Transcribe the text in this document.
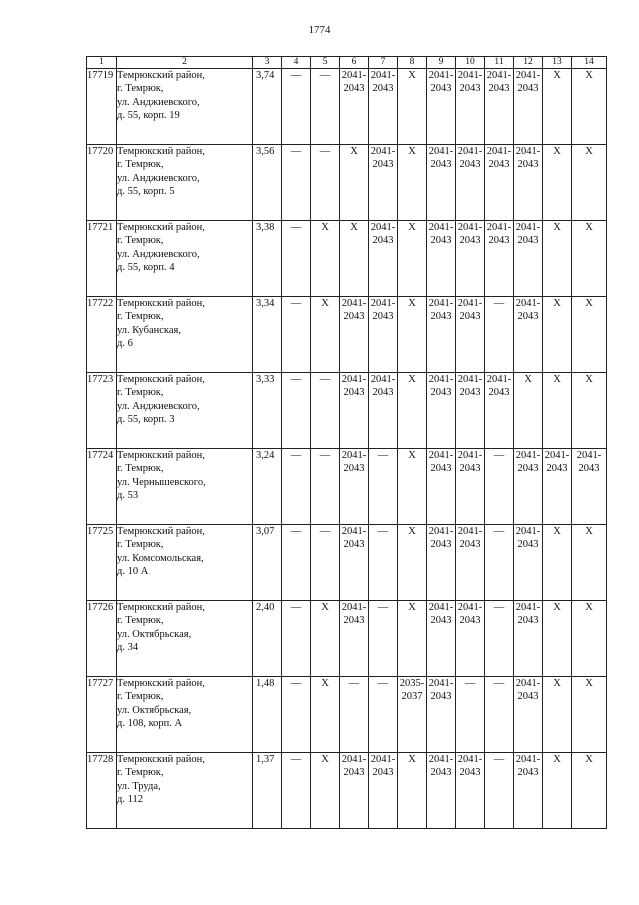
1774
1	2	3	4	5	6	7	8	9	10	11	12	13	14

17719	Темрюкский район,
г. Темрюк,
ул. Анджиевского,
д. 55, корп. 19	3,74	—	—	2041-
2043	2041-
2043	Х	2041-
2043	2041-
2043	2041-
2043	2041-
2043	Х	Х

17720	Темрюкский район,
г. Темрюк,
ул. Анджиевского,
д. 55, корп. 5	3,56	—	—	Х	2041-
2043	Х	2041-
2043	2041-
2043	2041-
2043	2041-
2043	Х	Х

17721	Темрюкский район,
г. Темрюк,
ул. Анджиевского,
д. 55, корп. 4	3,38	—	Х	Х	2041-
2043	Х	2041-
2043	2041-
2043	2041-
2043	2041-
2043	Х	Х

17722	Темрюкский район,
г. Темрюк,
ул. Кубанская,
д. 6	3,34	—	Х	2041-
2043	2041-
2043	Х	2041-
2043	2041-
2043	—	2041-
2043	Х	Х

17723	Темрюкский район,
г. Темрюк,
ул. Анджиевского,
д. 55, корп. 3	3,33	—	—	2041-
2043	2041-
2043	Х	2041-
2043	2041-
2043	2041-
2043	Х	Х	Х

17724	Темрюкский район,
г. Темрюк,
ул. Чернышевского,
д. 53	3,24	—	—	2041-
2043	—	Х	2041-
2043	2041-
2043	—	2041-
2043	2041-
2043	2041-
2043

17725	Темрюкский район,
г. Темрюк,
ул. Комсомольская,
д. 10 А	3,07	—	—	2041-
2043	—	Х	2041-
2043	2041-
2043	—	2041-
2043	Х	Х

17726	Темрюкский район,
г. Темрюк,
ул. Октябрьская,
д. 34	2,40	—	Х	2041-
2043	—	Х	2041-
2043	2041-
2043	—	2041-
2043	Х	Х

17727	Темрюкский район,
г. Темрюк,
ул. Октябрьская,
д. 108, корп. А	1,48	—	Х	—	—	2035-
2037	2041-
2043	—	—	2041-
2043	Х	Х

17728	Темрюкский район,
г. Темрюк,
ул. Труда,
д. 112	1,37	—	Х	2041-
2043	2041-
2043	Х	2041-
2043	2041-
2043	—	2041-
2043	Х	Х
